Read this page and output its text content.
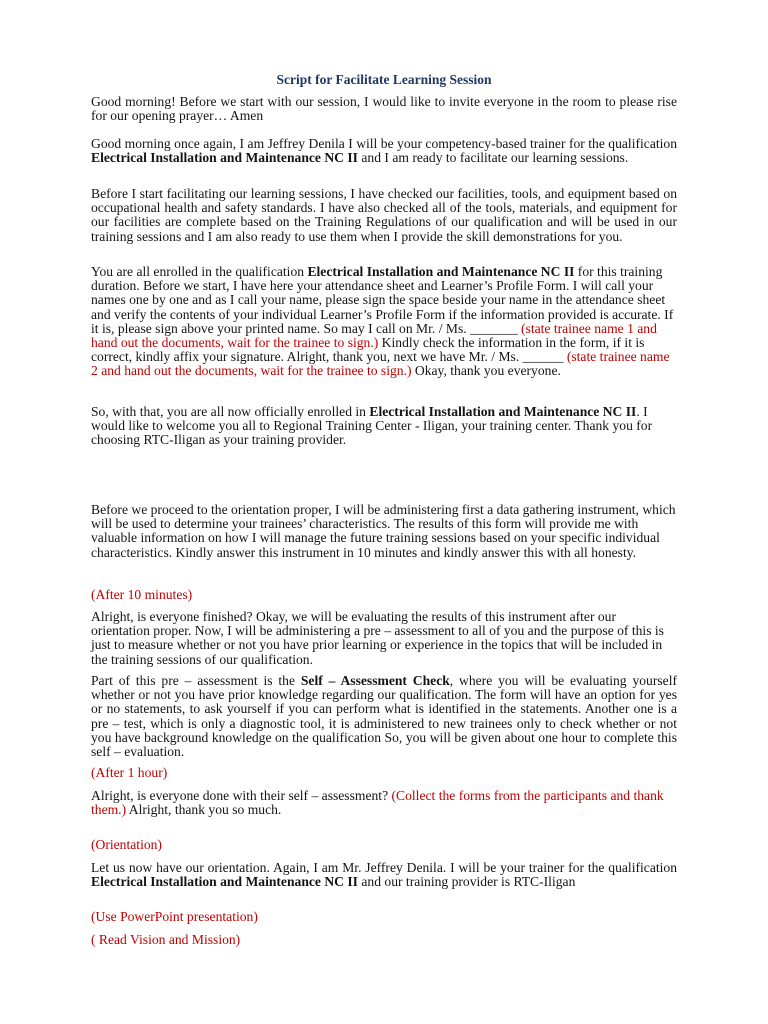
Script for Facilitate Learning Session

Good morning! Before we start with our session, I would like to invite everyone in the room to please rise for our opening prayer… Amen

Good morning once again, I am Jeffrey Denila I will be your competency-based trainer for the qualification Electrical Installation and Maintenance NC II and I am ready to facilitate our learning sessions.

Before I start facilitating our learning sessions, I have checked our facilities, tools, and equipment based on occupational health and safety standards. I have also checked all of the tools, materials, and equipment for our facilities are complete based on the Training Regulations of our qualification and will be used in our training sessions and I am also ready to use them when I provide the skill demonstrations for you.

You are all enrolled in the qualification Electrical Installation and Maintenance NC II for this training duration. Before we start, I have here your attendance sheet and Learner’s Profile Form. I will call your names one by one and as I call your name, please sign the space beside your name in the attendance sheet and verify the contents of your individual Learner’s Profile Form if the information provided is accurate. If it is, please sign above your printed name. So may I call on Mr. / Ms. _______ (state trainee name 1 and hand out the documents, wait for the trainee to sign.) Kindly check the information in the form, if it is correct, kindly affix your signature. Alright, thank you, next we have Mr. / Ms. ______ (state trainee name 2 and hand out the documents, wait for the trainee to sign.) Okay, thank you everyone.

So, with that, you are all now officially enrolled in Electrical Installation and Maintenance NC II. I would like to welcome you all to Regional Training Center - Iligan, your training center. Thank you for choosing RTC-Iligan as your training provider.

Before we proceed to the orientation proper, I will be administering first a data gathering instrument, which will be used to determine your trainees’ characteristics. The results of this form will provide me with valuable information on how I will manage the future training sessions based on your specific individual characteristics. Kindly answer this instrument in 10 minutes and kindly answer this with all honesty.

(After 10 minutes)

Alright, is everyone finished? Okay, we will be evaluating the results of this instrument after our orientation proper. Now, I will be administering a pre – assessment to all of you and the purpose of this is just to measure whether or not you have prior learning or experience in the topics that will be included in the training sessions of our qualification.

Part of this pre – assessment is the Self – Assessment Check, where you will be evaluating yourself whether or not you have prior knowledge regarding our qualification. The form will have an option for yes or no statements, to ask yourself if you can perform what is identified in the statements. Another one is a pre – test, which is only a diagnostic tool, it is administered to new trainees only to check whether or not you have background knowledge on the qualification So, you will be given about one hour to complete this self – evaluation.

(After 1 hour)

Alright, is everyone done with their self – assessment? (Collect the forms from the participants and thank them.) Alright, thank you so much.

(Orientation)

Let us now have our orientation. Again, I am Mr. Jeffrey Denila. I will be your trainer for the qualification Electrical Installation and Maintenance NC II and our training provider is RTC-Iligan

(Use PowerPoint presentation)

( Read Vision and Mission)
